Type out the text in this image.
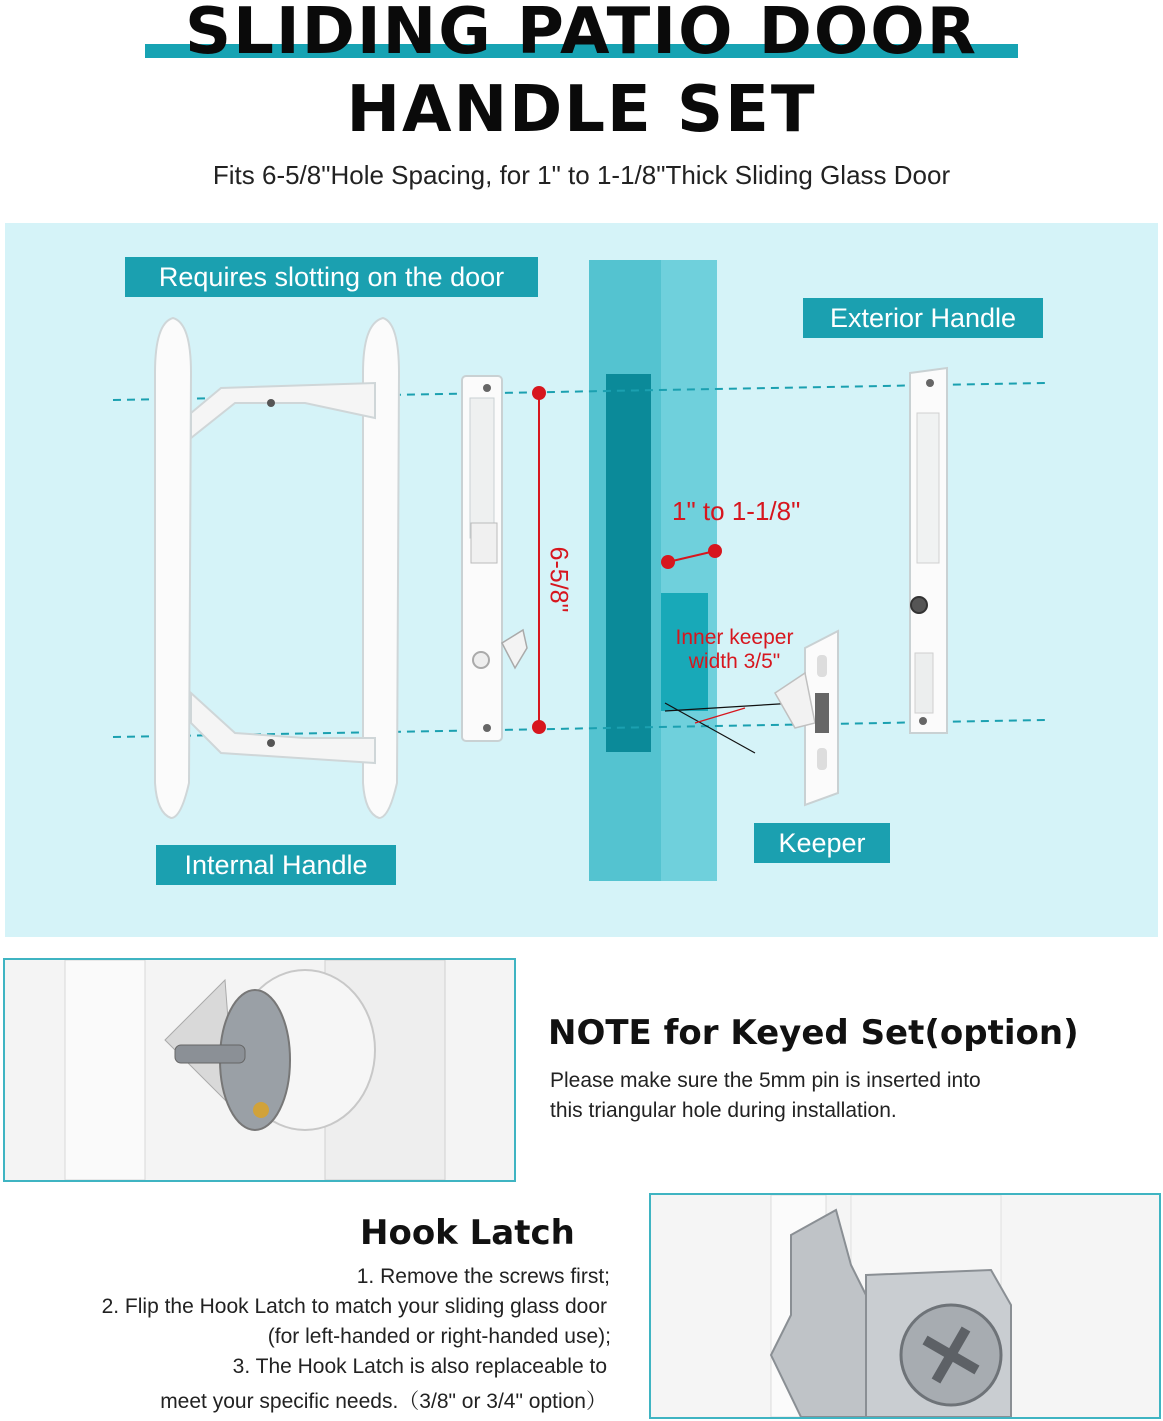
SLIDING PATIO DOOR
HANDLE SET
Fits 6-5/8"Hole Spacing, for 1" to 1-1/8"Thick Sliding Glass Door
Requires slotting on the door
Exterior Handle
Internal Handle
Keeper
6-5/8"
1" to 1-1/8"
Inner keeper
width 3/5"
NOTE for Keyed Set(option)
Please make sure the 5mm pin is inserted into
this triangular hole during installation.
Hook Latch
1. Remove the screws first;
2. Flip the Hook Latch to match your sliding glass door
(for left-handed or right-handed use);
3. The Hook Latch is also replaceable to
meet your specific needs.（3/8" or 3/4" option）
